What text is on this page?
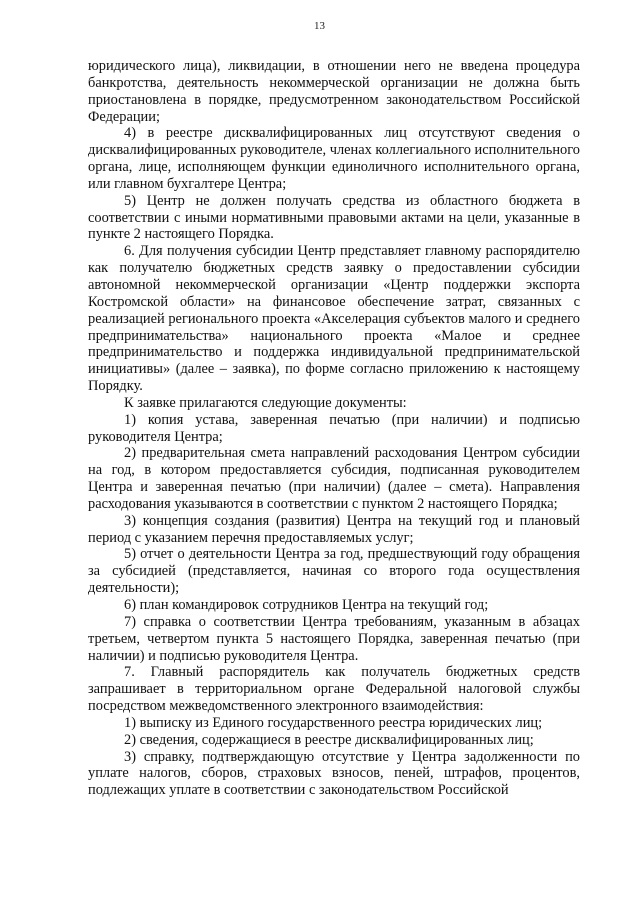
13

юридического лица), ликвидации, в отношении него не введена процедура банкротства, деятельность некоммерческой организации не должна быть приостановлена в порядке, предусмотренном законодательством Российской Федерации;

4) в реестре дисквалифицированных лиц отсутствуют сведения о дисквалифицированных руководителе, членах коллегиального исполнительного органа, лице, исполняющем функции единоличного исполнительного органа, или главном бухгалтере Центра;

5) Центр не должен получать средства из областного бюджета в соответствии с иными нормативными правовыми актами на цели, указанные в пункте 2 настоящего Порядка.

6. Для получения субсидии Центр представляет главному распорядителю как получателю бюджетных средств заявку о предоставлении субсидии автономной некоммерческой организации «Центр поддержки экспорта Костромской области» на финансовое обеспечение затрат, связанных с реализацией регионального проекта «Акселерация субъектов малого и среднего предпринимательства» национального проекта «Малое и среднее предпринимательство и поддержка индивидуальной предпринимательской инициативы» (далее – заявка), по форме согласно приложению к настоящему Порядку.

К заявке прилагаются следующие документы:

1) копия устава, заверенная печатью (при наличии) и подписью руководителя Центра;

2) предварительная смета направлений расходования Центром субсидии на год, в котором предоставляется субсидия, подписанная руководителем Центра и заверенная печатью (при наличии) (далее – смета). Направления расходования указываются в соответствии с пунктом 2 настоящего Порядка;

3) концепция создания (развития) Центра на текущий год и плановый период с указанием перечня предоставляемых услуг;

5) отчет о деятельности Центра за год, предшествующий году обращения за субсидией (представляется, начиная со второго года осуществления деятельности);

6) план командировок сотрудников Центра на текущий год;

7) справка о соответствии Центра требованиям, указанным в абзацах третьем, четвертом пункта 5 настоящего Порядка, заверенная печатью (при наличии) и подписью руководителя Центра.

7. Главный распорядитель как получатель бюджетных средств запрашивает в территориальном органе Федеральной налоговой службы посредством межведомственного электронного взаимодействия:

1) выписку из Единого государственного реестра юридических лиц;

2) сведения, содержащиеся в реестре дисквалифицированных лиц;

3) справку, подтверждающую отсутствие у Центра задолженности по уплате налогов, сборов, страховых взносов, пеней, штрафов, процентов, подлежащих уплате в соответствии с законодательством Российской
